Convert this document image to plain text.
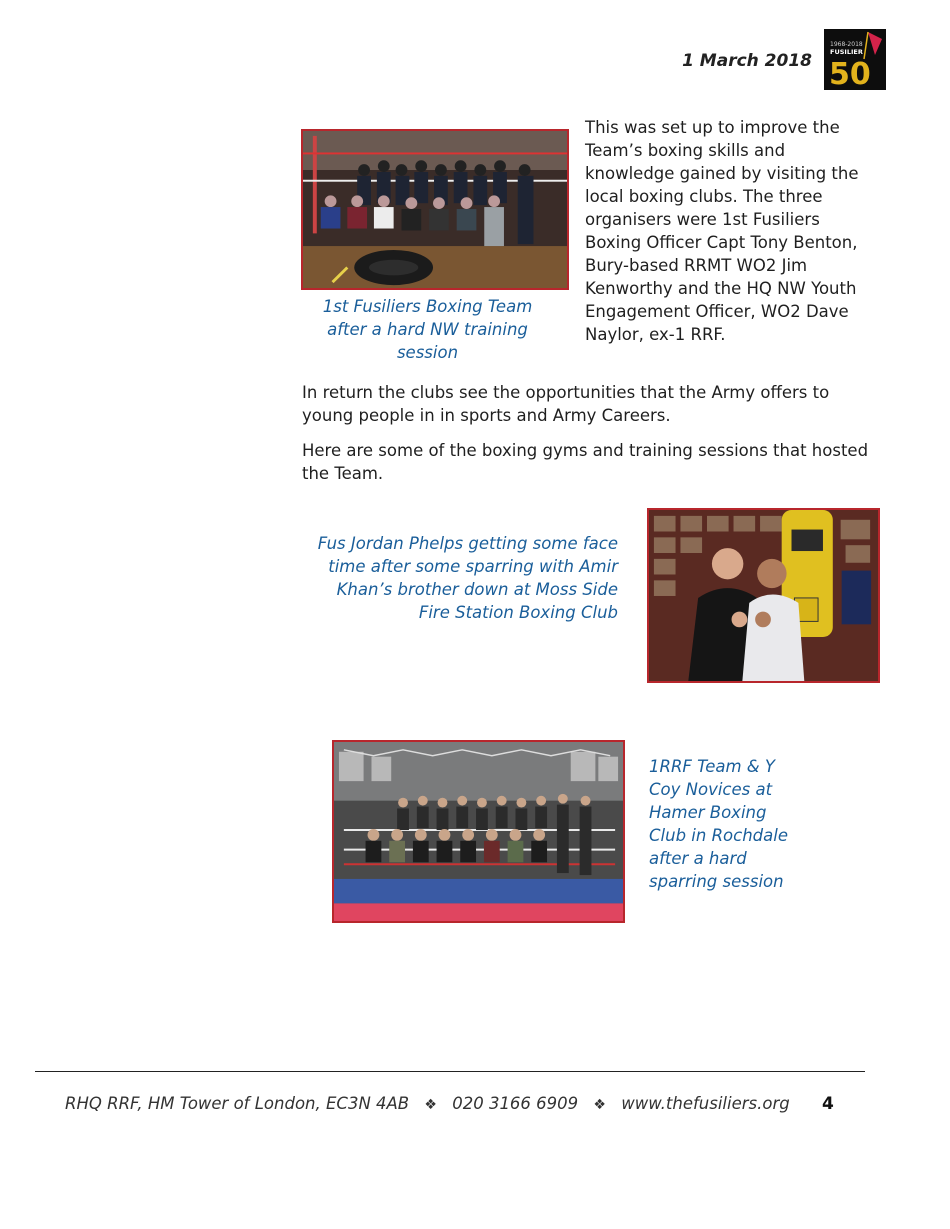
1 March 2018
1968-2018
FUSILIER
50
1st Fusiliers Boxing Team after a hard NW training session
This was set up to improve the Team’s boxing skills and knowledge gained by visiting the local boxing clubs. The three organisers were 1st Fusiliers Boxing Officer Capt Tony Benton, Bury-based RRMT WO2 Jim Kenworthy and the HQ NW Youth Engagement Officer, WO2 Dave Naylor, ex-1 RRF.
In return the clubs see the opportunities that the Army offers to young people in in sports and Army Careers.
Here are some of the boxing gyms and training sessions that hosted the Team.
Fus Jordan Phelps getting some face time after some sparring with Amir Khan’s brother down at Moss Side Fire Station Boxing Club
1RRF Team & Y Coy Novices at Hamer Boxing Club in Rochdale after a hard sparring session
RHQ RRF, HM Tower of London, EC3N 4AB ❖ 020 3166 6909 ❖ www.thefusiliers.org 4
